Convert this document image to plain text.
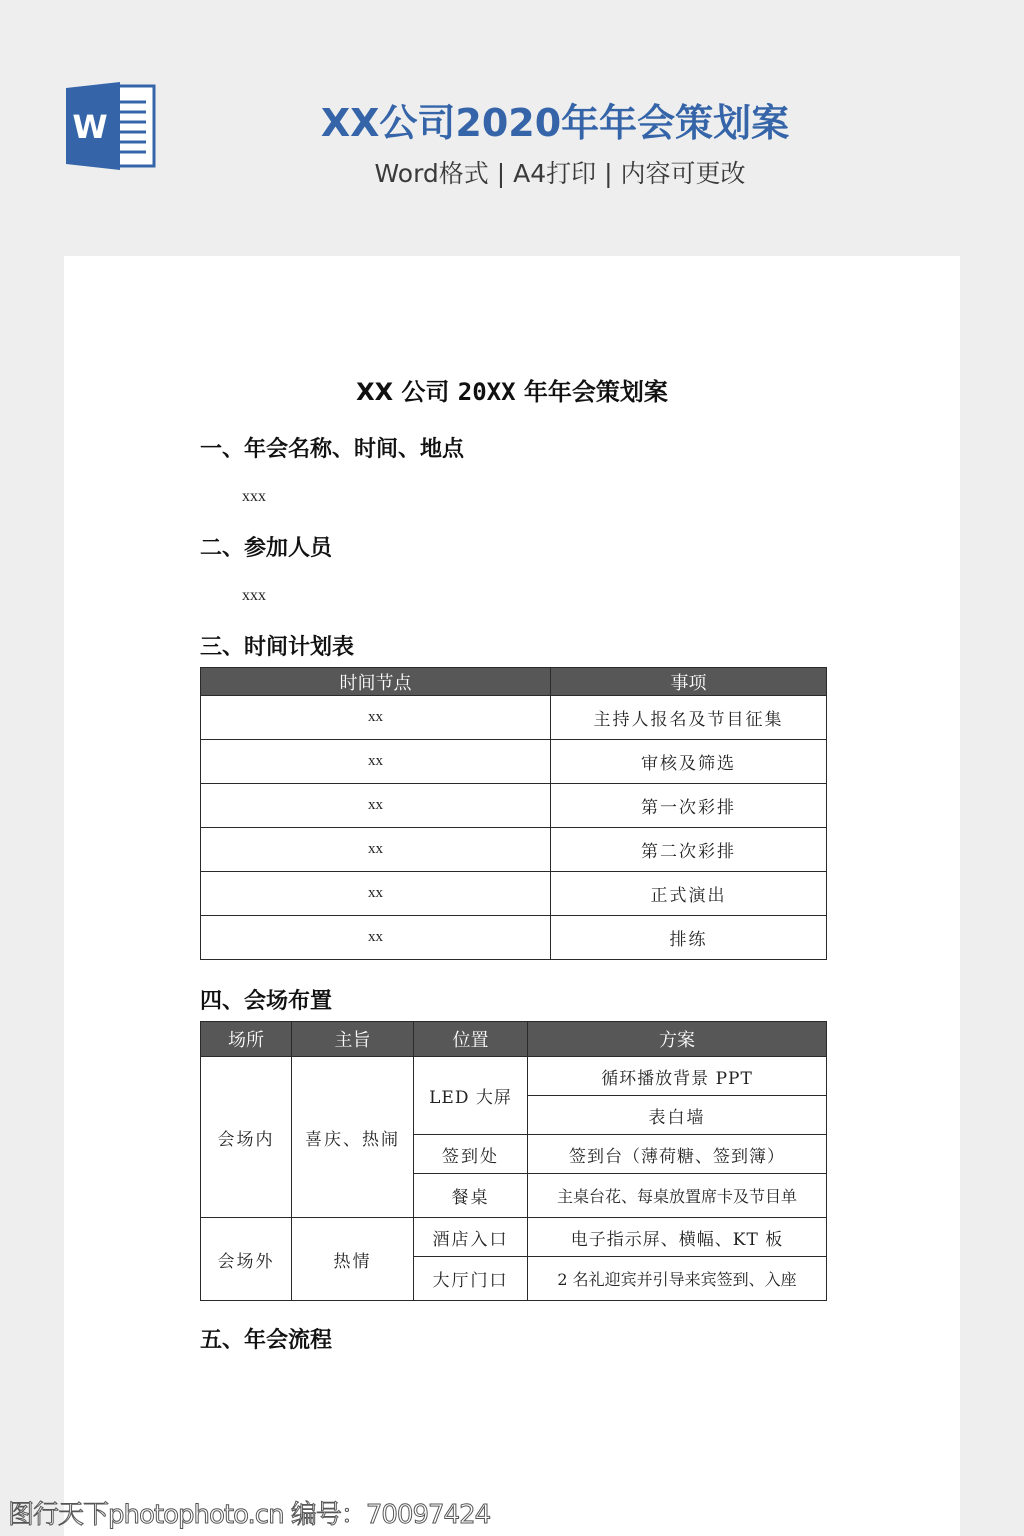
W	XX公司2020年年会策划案
Word格式 | A4打印 | 内容可更改
XX 公司 20XX 年年会策划案
一、年会名称、时间、地点
xxx
二、参加人员
xxx
三、时间计划表
时间节点	事项
xx	主持人报名及节目征集
xx	审核及筛选
xx	第一次彩排
xx	第二次彩排
xx	正式演出
xx	排练
四、会场布置
场所	主旨	位置	方案
会场内	喜庆、热闹	LED 大屏	循环播放背景 PPT
			表白墙
		签到处	签到台（薄荷糖、签到簿）
		餐桌	主桌台花、每桌放置席卡及节目单
会场外	热情	酒店入口	电子指示屏、横幅、KT 板
		大厅门口	2 名礼迎宾并引导来宾签到、入座
五、年会流程
图行天下photophoto.cn 编号：70097424
